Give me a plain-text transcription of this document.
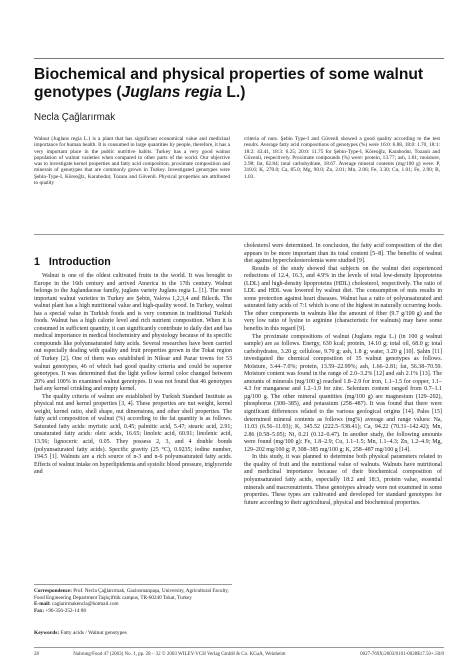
Biochemical and physical properties of some walnut
genotypes (Juglans regia L.)
Necla Çağlarırmak
Walnut (Juglans regia L.) is a plant that has significant economical value and medicinal importance for human health. It is consumed in large quantities by people, therefore, it has a very important place in the public nutritive habits. Turkey has a very good walnut population of walnut varieties when compared to other parts of the world. Our objective was to investigate kernel properties and fatty acid composition, proximate composition and minerals of genotypes that are commonly grown in Turkey. Investigated genotypes were Şebin-Type-I, Köreoğlz, Karabodur, Tozanı and Güvenli. Physical properties are attributed to quality
criteria of nuts. Şebin Type-I and Güvenli showed a good quality according to the test results. Average fatty acid compositions of genotypes (%) were 16:0: 6.88, 18:0: 1.70, 18:1: 18:2: 43.41, 18:3: 6.25; 20:0: 11.75 for Şebin-Type-I, Köreoğlz, Karabodur, Tozanlı and Güvenli, respectively. Proximate compounds (%) were: protein, 13.77; ash, 1.81; moisture, 2.98; fat, 62.84; total carbohydrate, 18.67. Average mineral contents (mg/100 g) were: P, 310.6; K, 270.0; Ca, 85.0; Mg, 90.0; Zn, 2.01; Mn, 2.06; Fe, 3.30; Cu, 1.01; Fe, 2.90; B, 1.03.
1 Introduction

Walnut is one of the oldest cultivated fruits in the world. It was brought to Europe in the 16th century and arrived America in the 17th century. Walnut belongs to the Juglandaceae family, juglans variety Juglans regia L. [1]. The most important walnut varieties in Turkey are Şebin, Yalova 1,2,3,4 and Bilecik. The walnut plant has a high nutritional value and high-quality wood. In Turkey, walnut has a special value in Turkish foods and is very common in traditional Turkish foods. Walnut has a high calorie level and rich nutrient composition. When it is consumed in sufficient quantity, it can significantly contribute to daily diet and has medical importance in medical biochemistry and physiology because of its specific compounds like polyunsaturated fatty acids. Several researches have been carried out especially dealing with quality and fruit properties grown in the Tokat region of Turkey [2]. One of them was established in Niksar and Pazar towns for 53 walnut genotypes, 46 of which had good quality criteria and could be superior genotypes. It was determined that the light yellow kernel color changed between 20% and 100% in examined walnut genotypes. It was not found that 46 genotypes had any kernel crinkling and empty kernel.

The quality criteria of walnut are established by Turkish Standard Institute as physical nut and kernel properties [3, 4]. These properties are nut weight, kernel weight, kernel ratio, shell shape, nut dimensions, and other shell properties. The fatty acid composition of walnut (%) according to the fat quantity is as follows. Saturated fatty acids: myristic acid, 0.45; palmitic acid, 5.47; stearic acid, 2.91; unsaturated fatty acids: oleic acids, 16.65; linoleic acid, 60.91; linolenic acid, 13.56; lignoceric acid, 0.05. They possess 2, 3, and 4 double bonds (polyunsaturated fatty acids). Specific gravity (25 °C), 0.9235; iodine number, 194.5 [1]. Walnuts are a rich source of n-3 and n-6 polyunsaturated fatty acids. Effects of walnut intake on hyperlipidemia and systolic blood pressure, triglyceride and

cholesterol were determined. In conclusion, the fatty acid composition of the diet appears to be more important than its total content [5–8]. The benefits of walnut diet against hypercholesterolemia were studied [9].

Results of the study showed that subjects on the walnut diet experienced reductions of 12.4, 16.3, and 4.9% in the levels of total low-density lipoproteins (LDL) and high-density lipoproteins (HDL) cholesterol, respectively. The ratio of LDL and HDL was lowered by walnut diet. The consumption of nuts results in some protection against heart diseases. Walnut has a ratio of polyunsaturated and saturated fatty acids of 7:1 which is one of the highest in naturally occurring foods. The other components in walnuts like the amount of fiber (9.7 g/100 g) and the very low ratio of lysine to arginine (characteristic for walnuts) may have some benefits in this regard [9].

The proximate compositions of walnut (Juglans regia L.) (in 100 g walnut sample) are as follows. Energy, 630 kcal; protein, 14.10 g; total oil, 68.0 g; total carbohydrates, 3.20 g; cellulose, 9.70 g; ash, 1.8 g; water, 3.20 g [10]. Şahin [11] investigated the chemical composition of 35 walnut genotypes as follows. Moisture, 3.44–7.0%; protein, 13.59–22.99%; ash, 1.66–2.81; fat, 56.38–70.59. Moisture content was found in the range of 2.0–3.2% [12] and ash 2.1% [13]. The amounts of minerals (mg/100 g) reached 1.8–2.9 for iron, 1.1–1.5 for copper, 1.1–4.3 for manganese and 1.2–1.9 for zinc. Selenium content ranged from 0.7–1.1 µg/100 g. The other mineral quantities (mg/100 g) are magnesium (129–202), phosphorus (308–385), and potassium (258–487). It was found that there were significant differences related to the various geological origins [14]. Pales [15] determined mineral contents as follows (mg%) average and range values: Na, 11.03 (6.56–11.03); K, 345.52 (222.5–538.41); Ca, 94.22 (70.31–142.42); Mn, 2.86 (0.58–5.05); Ni, 0.21 (0.12–0.47). In another study, the following amounts were found (mg/100 g): Fe, 1.8–2.9; Cu, 1.1–1.5; Mn, 1.1–4.3; Zn, 1.2–4.9; Mg, 129–202 mg/100 g; P, 308–385 mg/100 g; K, 258–487 mg/100 g [14].

In this study, it was planned to determine both physical parameters related to the quality of fruit and the nutritional value of walnuts. Walnuts have nutritional and medicinal importance because of their biochemical composition of polyunsaturated fatty acids, especially 18:2 and 18:3, protein value, essential minerals and macronutrients. These genotypes already were not examined in some properties. These types are cultivated and developed for standard genotypes for future according to their agricultural, physical and biochemical properties.

Correspondence: Prof. Necla Çağlarırmak, Gaziosmanpaşa, University, Agricultural Faculty, Food Engineering Department Taşlıçiftlik campus, TR-60240 Tokat, Turkey
E-mail: caglarirmakencla@hotmail.com
Fax: +90-356-252-14 88
Keywords: Fatty acids / Walnut genotypes
28	Nahrung/Food 47 (2003) No. 1, pp. 28 – 32 © 2003 WILEY-VCH Verlag GmbH & Co. KGaA, Weinheim	0027-769X/2003/0101-0028$17.50+.50/0
